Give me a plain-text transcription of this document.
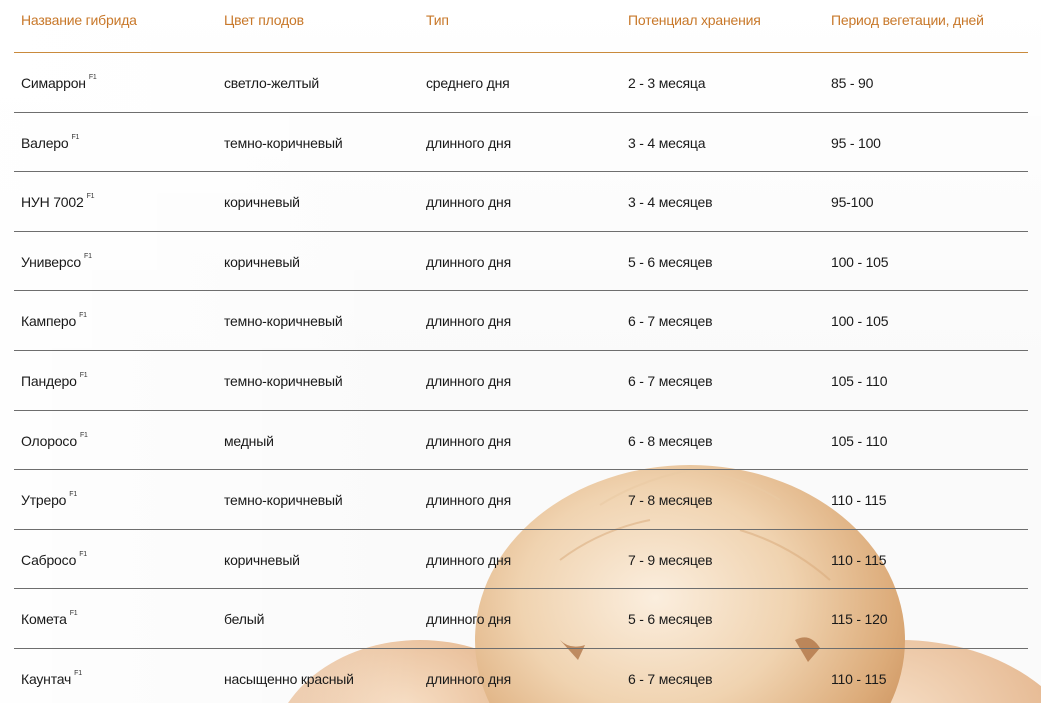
Название гибрида	Цвет плодов	Тип	Потенциал хранения	Период вегетации, дней
Симаррон $^{F1}$	светло-желтый	среднего дня	2 - 3 месяца	85 - 90
Валеро $^{F1}$	темно-коричневый	длинного дня	3 - 4 месяца	95 - 100
НУН 7002 $^{F1}$	коричневый	длинного дня	3 - 4 месяцев	95-100
Универсо $^{F1}$	коричневый	длинного дня	5 - 6 месяцев	100 - 105
Камперо $^{F1}$	темно-коричневый	длинного дня	6 - 7 месяцев	100 - 105
Пандеро $^{F1}$	темно-коричневый	длинного дня	6 - 7 месяцев	105 - 110
Олоросо $^{F1}$	медный	длинного дня	6 - 8 месяцев	105 - 110
Утреро $^{F1}$	темно-коричневый	длинного дня	7 - 8 месяцев	110 - 115
Сабросо $^{F1}$	коричневый	длинного дня	7 - 9 месяцев	110 - 115
Комета $^{F1}$	белый	длинного дня	5 - 6 месяцев	115 - 120
Каунтач $^{F1}$	насыщенно красный	длинного дня	6 - 7 месяцев	110 - 115
